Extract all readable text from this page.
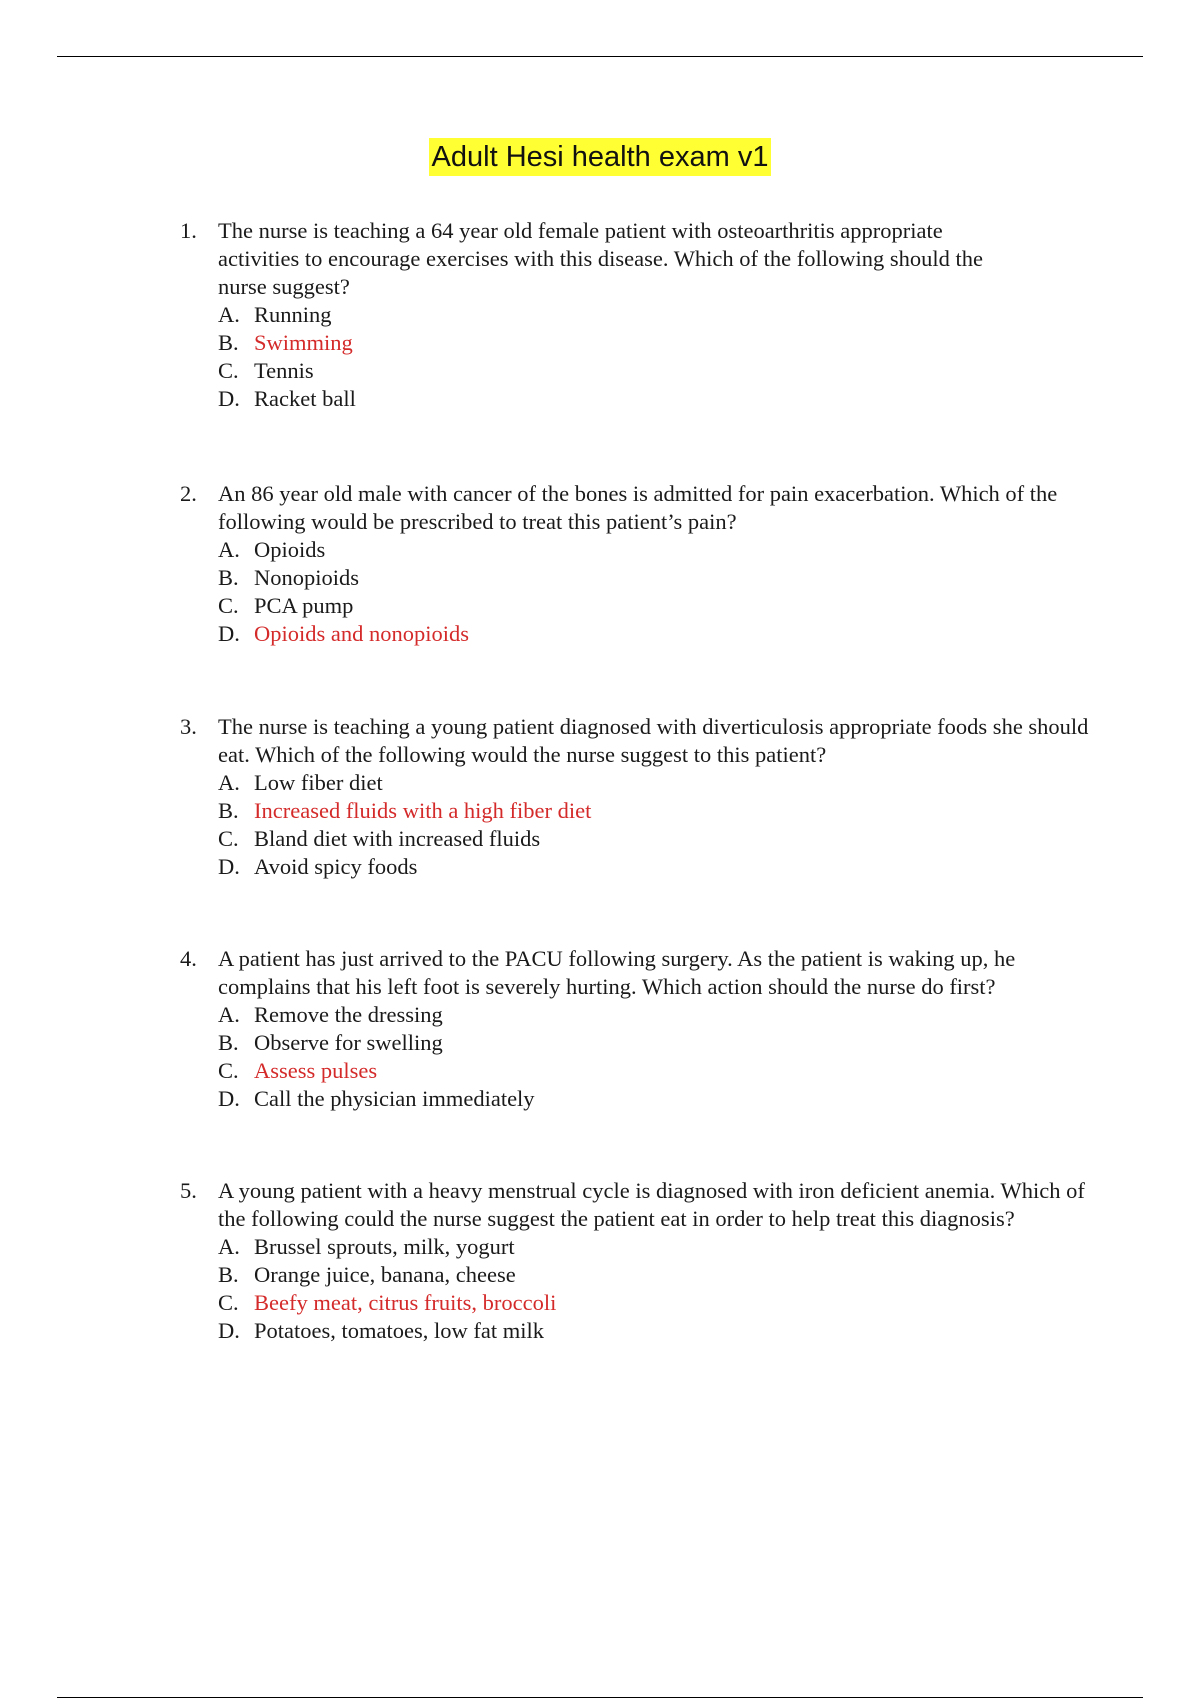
Adult Hesi health exam v1
1. The nurse is teaching a 64 year old female patient with osteoarthritis appropriate activities to encourage exercises with this disease. Which of the following should the nurse suggest?
A. Running
B. Swimming
C. Tennis
D. Racket ball
2. An 86 year old male with cancer of the bones is admitted for pain exacerbation. Which of the following would be prescribed to treat this patient’s pain?
A. Opioids
B. Nonopioids
C. PCA pump
D. Opioids and nonopioids
3. The nurse is teaching a young patient diagnosed with diverticulosis appropriate foods she should eat. Which of the following would the nurse suggest to this patient?
A. Low fiber diet
B. Increased fluids with a high fiber diet
C. Bland diet with increased fluids
D. Avoid spicy foods
4. A patient has just arrived to the PACU following surgery. As the patient is waking up, he complains that his left foot is severely hurting. Which action should the nurse do first?
A. Remove the dressing
B. Observe for swelling
C. Assess pulses
D. Call the physician immediately
5. A young patient with a heavy menstrual cycle is diagnosed with iron deficient anemia. Which of the following could the nurse suggest the patient eat in order to help treat this diagnosis?
A. Brussel sprouts, milk, yogurt
B. Orange juice, banana, cheese
C. Beefy meat, citrus fruits, broccoli
D. Potatoes, tomatoes, low fat milk
